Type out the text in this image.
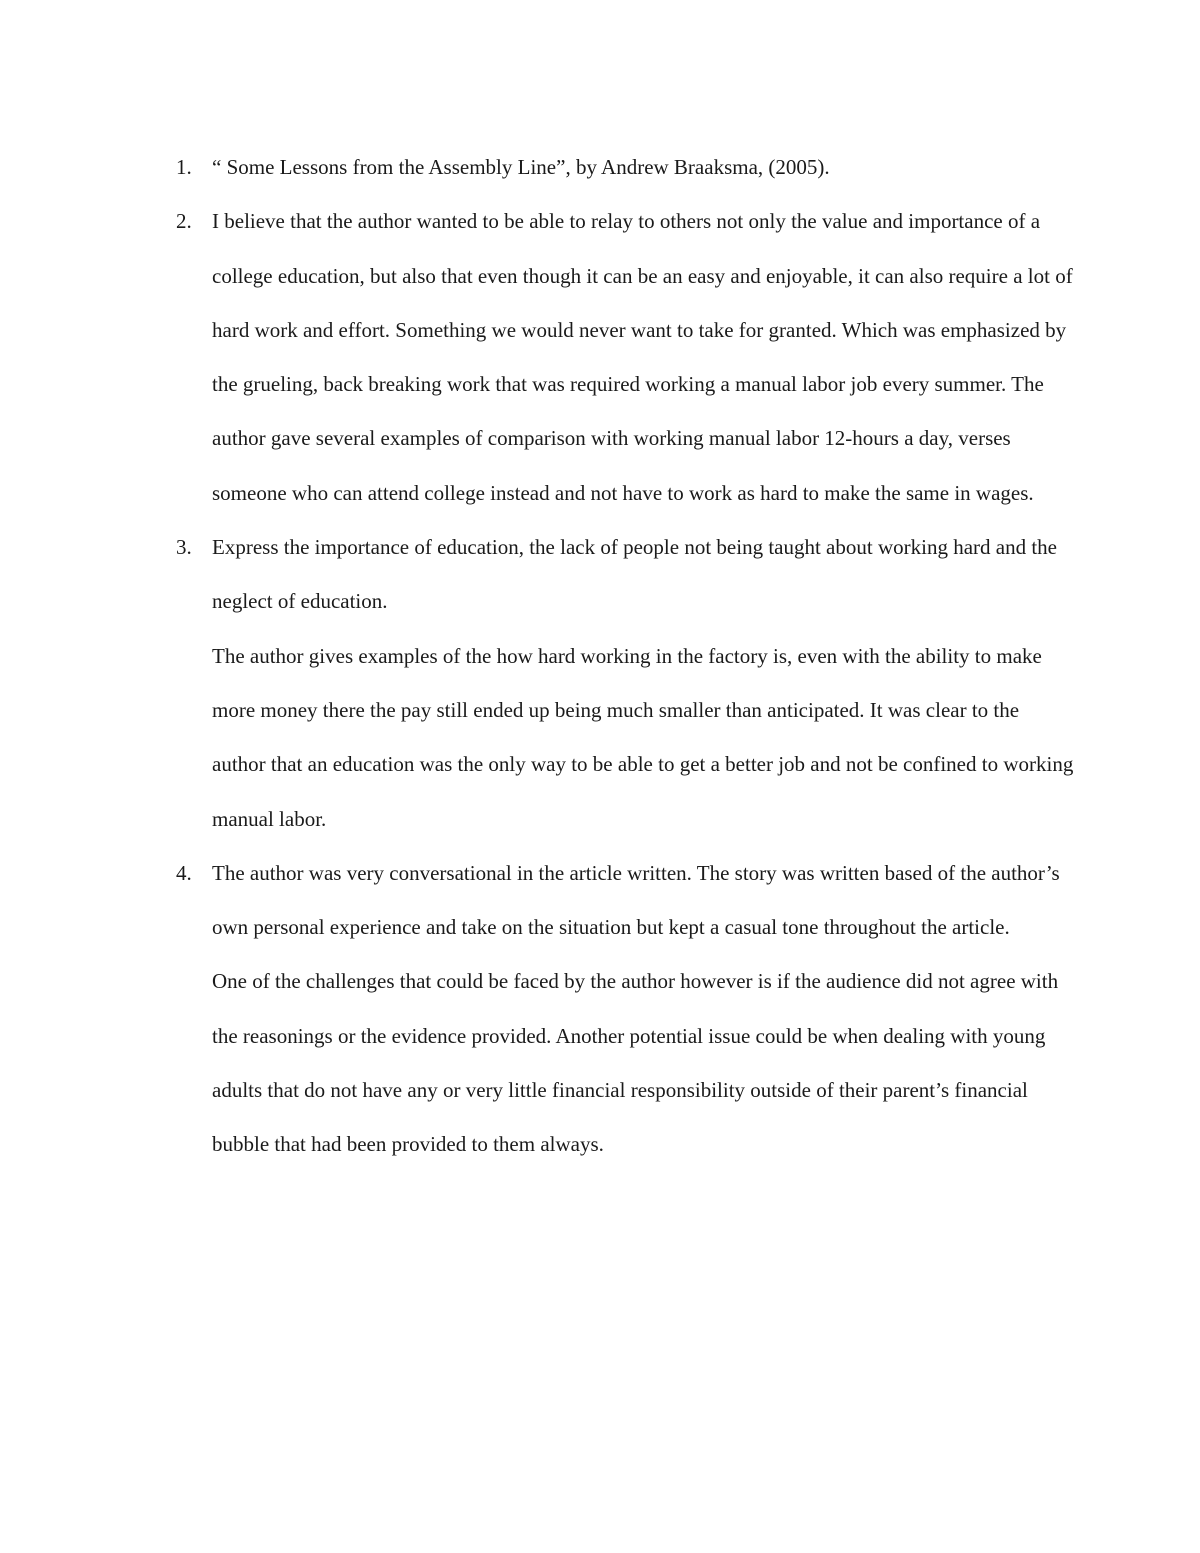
1. “ Some Lessons from the Assembly Line”, by Andrew Braaksma, (2005).

2. I believe that the author wanted to be able to relay to others not only the value and importance of a college education, but also that even though it can be an easy and enjoyable, it can also require a lot of hard work and effort. Something we would never want to take for granted. Which was emphasized by the grueling, back breaking work that was required working a manual labor job every summer. The author gave several examples of comparison with working manual labor 12-hours a day, verses someone who can attend college instead and not have to work as hard to make the same in wages.

3. Express the importance of education, the lack of people not being taught about working hard and the neglect of education.

The author gives examples of the how hard working in the factory is, even with the ability to make more money there the pay still ended up being much smaller than anticipated. It was clear to the author that an education was the only way to be able to get a better job and not be confined to working manual labor.

4. The author was very conversational in the article written. The story was written based of the author’s own personal experience and take on the situation but kept a casual tone throughout the article.

One of the challenges that could be faced by the author however is if the audience did not agree with the reasonings or the evidence provided. Another potential issue could be when dealing with young adults that do not have any or very little financial responsibility outside of their parent’s financial bubble that had been provided to them always.
